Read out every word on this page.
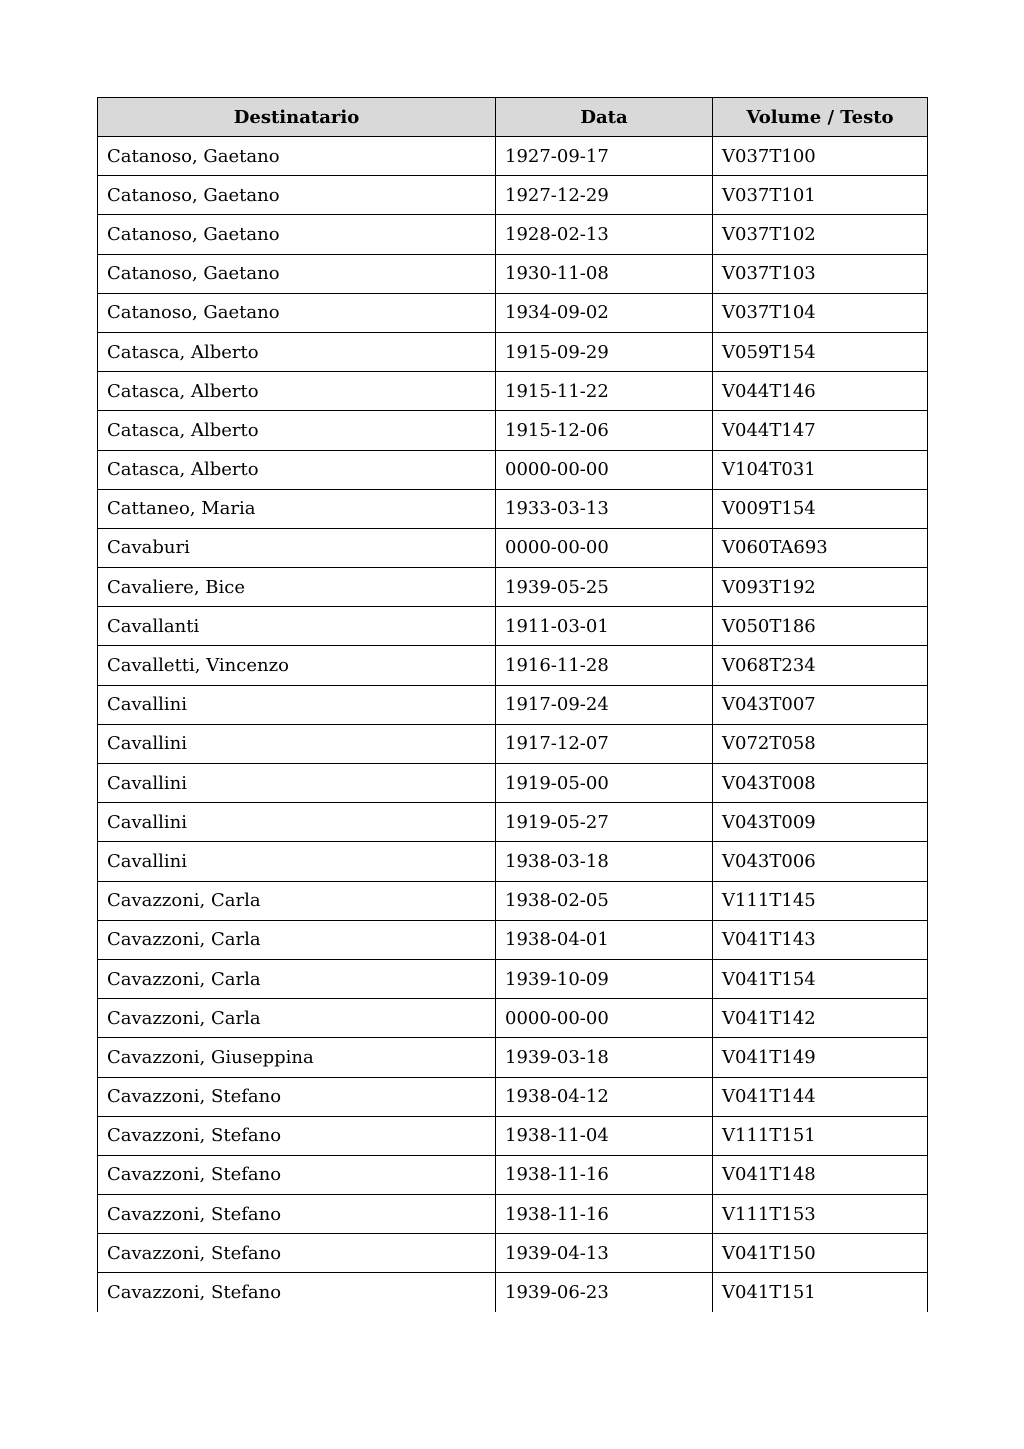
Destinatario	Data	Volume / Testo
Catanoso, Gaetano	1927-09-17	V037T100
Catanoso, Gaetano	1927-12-29	V037T101
Catanoso, Gaetano	1928-02-13	V037T102
Catanoso, Gaetano	1930-11-08	V037T103
Catanoso, Gaetano	1934-09-02	V037T104
Catasca, Alberto	1915-09-29	V059T154
Catasca, Alberto	1915-11-22	V044T146
Catasca, Alberto	1915-12-06	V044T147
Catasca, Alberto	0000-00-00	V104T031
Cattaneo, Maria	1933-03-13	V009T154
Cavaburi	0000-00-00	V060TA693
Cavaliere, Bice	1939-05-25	V093T192
Cavallanti	1911-03-01	V050T186
Cavalletti, Vincenzo	1916-11-28	V068T234
Cavallini	1917-09-24	V043T007
Cavallini	1917-12-07	V072T058
Cavallini	1919-05-00	V043T008
Cavallini	1919-05-27	V043T009
Cavallini	1938-03-18	V043T006
Cavazzoni, Carla	1938-02-05	V111T145
Cavazzoni, Carla	1938-04-01	V041T143
Cavazzoni, Carla	1939-10-09	V041T154
Cavazzoni, Carla	0000-00-00	V041T142
Cavazzoni, Giuseppina	1939-03-18	V041T149
Cavazzoni, Stefano	1938-04-12	V041T144
Cavazzoni, Stefano	1938-11-04	V111T151
Cavazzoni, Stefano	1938-11-16	V041T148
Cavazzoni, Stefano	1938-11-16	V111T153
Cavazzoni, Stefano	1939-04-13	V041T150
Cavazzoni, Stefano	1939-06-23	V041T151
